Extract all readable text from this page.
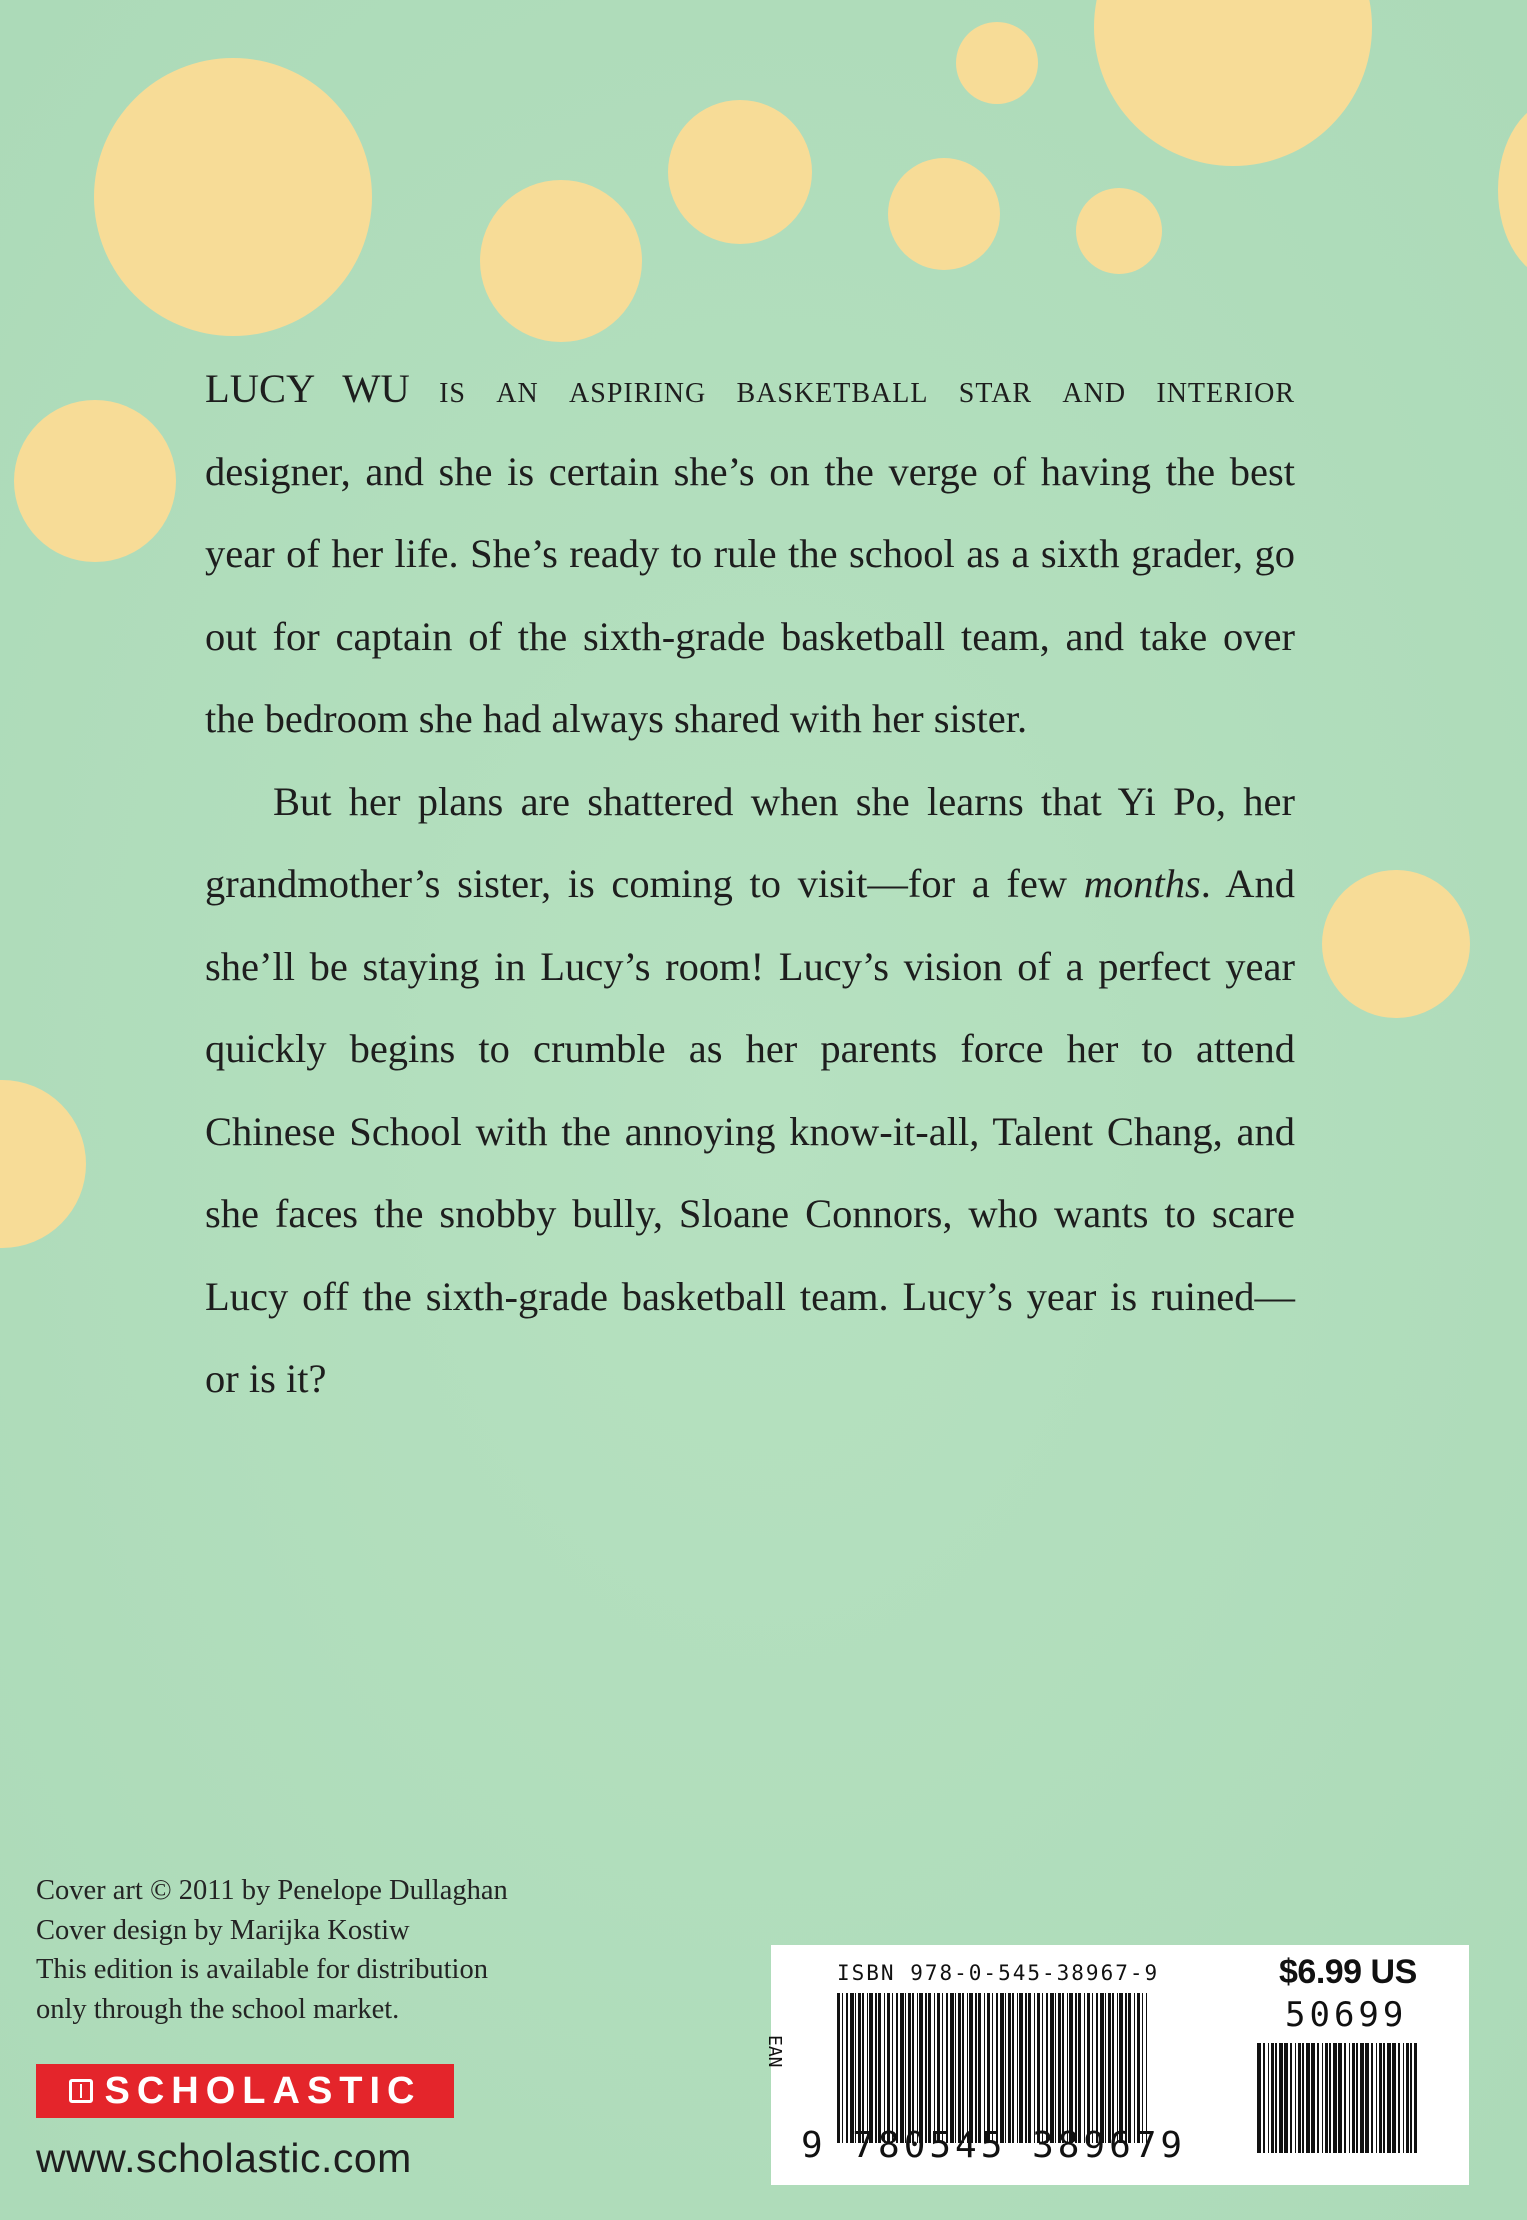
LUCY WU is an aspiring basketball star and interior designer, and she is certain she’s on the verge of having the best year of her life. She’s ready to rule the school as a sixth grader, go out for captain of the sixth-grade basketball team, and take over the bedroom she had always shared with her sister.

But her plans are shattered when she learns that Yi Po, her grandmother’s sister, is coming to visit—for a few months. And she’ll be staying in Lucy’s room! Lucy’s vision of a perfect year quickly begins to crumble as her parents force her to attend Chinese School with the annoying know-it-all, Talent Chang, and she faces the snobby bully, Sloane Connors, who wants to scare Lucy off the sixth-grade basketball team. Lucy’s year is ruined—or is it?

Cover art © 2011 by Penelope Dullaghan
Cover design by Marijka Kostiw
This edition is available for distribution
only through the school market.
SCHOLASTIC
www.scholastic.com
ISBN 978-0-545-38967-9
EAN
9 780545 389679
$6.99 US
50699
